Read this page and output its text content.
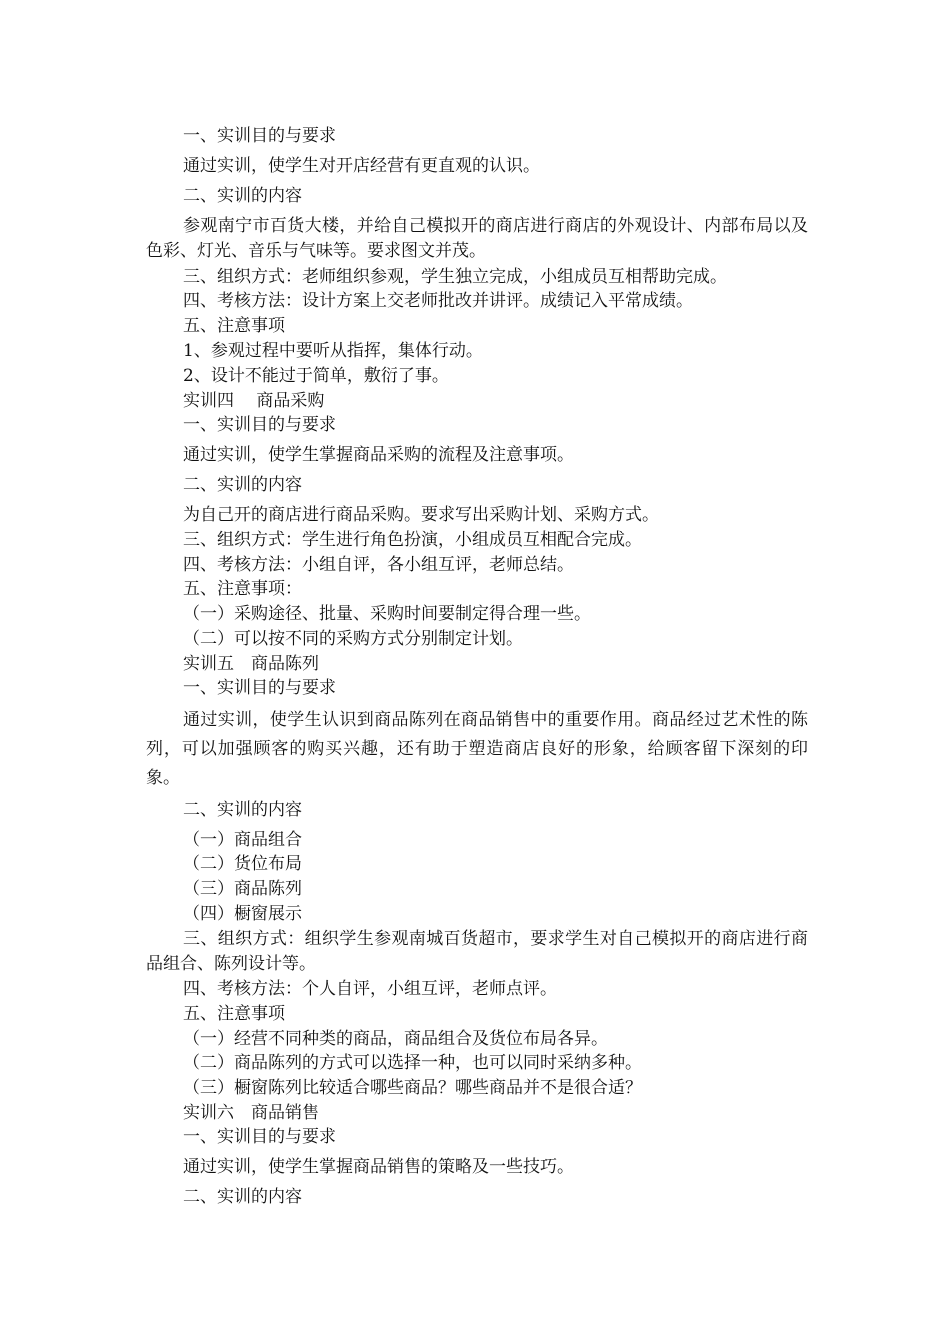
一、实训目的与要求
通过实训，使学生对开店经营有更直观的认识。
二、实训的内容
参观南宁市百货大楼，并给自己模拟开的商店进行商店的外观设计、内部布局以及色彩、灯光、音乐与气味等。要求图文并茂。
三、组织方式：老师组织参观，学生独立完成，小组成员互相帮助完成。
四、考核方法：设计方案上交老师批改并讲评。成绩记入平常成绩。
五、注意事项
1、参观过程中要听从指挥，集体行动。
2、设计不能过于简单，敷衍了事。
实训四　 商品采购
一、实训目的与要求
通过实训，使学生掌握商品采购的流程及注意事项。
二、实训的内容
为自己开的商店进行商品采购。要求写出采购计划、采购方式。
三、组织方式：学生进行角色扮演，小组成员互相配合完成。
四、考核方法：小组自评，各小组互评，老师总结。
五、注意事项：
（一）采购途径、批量、采购时间要制定得合理一些。
（二）可以按不同的采购方式分别制定计划。
实训五　商品陈列
一、实训目的与要求
通过实训，使学生认识到商品陈列在商品销售中的重要作用。商品经过艺术性的陈列，可以加强顾客的购买兴趣，还有助于塑造商店良好的形象，给顾客留下深刻的印象。
二、实训的内容
（一）商品组合
（二）货位布局
（三）商品陈列
（四）橱窗展示
三、组织方式：组织学生参观南城百货超市，要求学生对自己模拟开的商店进行商品组合、陈列设计等。
四、考核方法：个人自评，小组互评，老师点评。
五、注意事项
（一）经营不同种类的商品，商品组合及货位布局各异。
（二）商品陈列的方式可以选择一种，也可以同时采纳多种。
（三）橱窗陈列比较适合哪些商品？哪些商品并不是很合适？
实训六　商品销售
一、实训目的与要求
通过实训，使学生掌握商品销售的策略及一些技巧。
二、实训的内容
